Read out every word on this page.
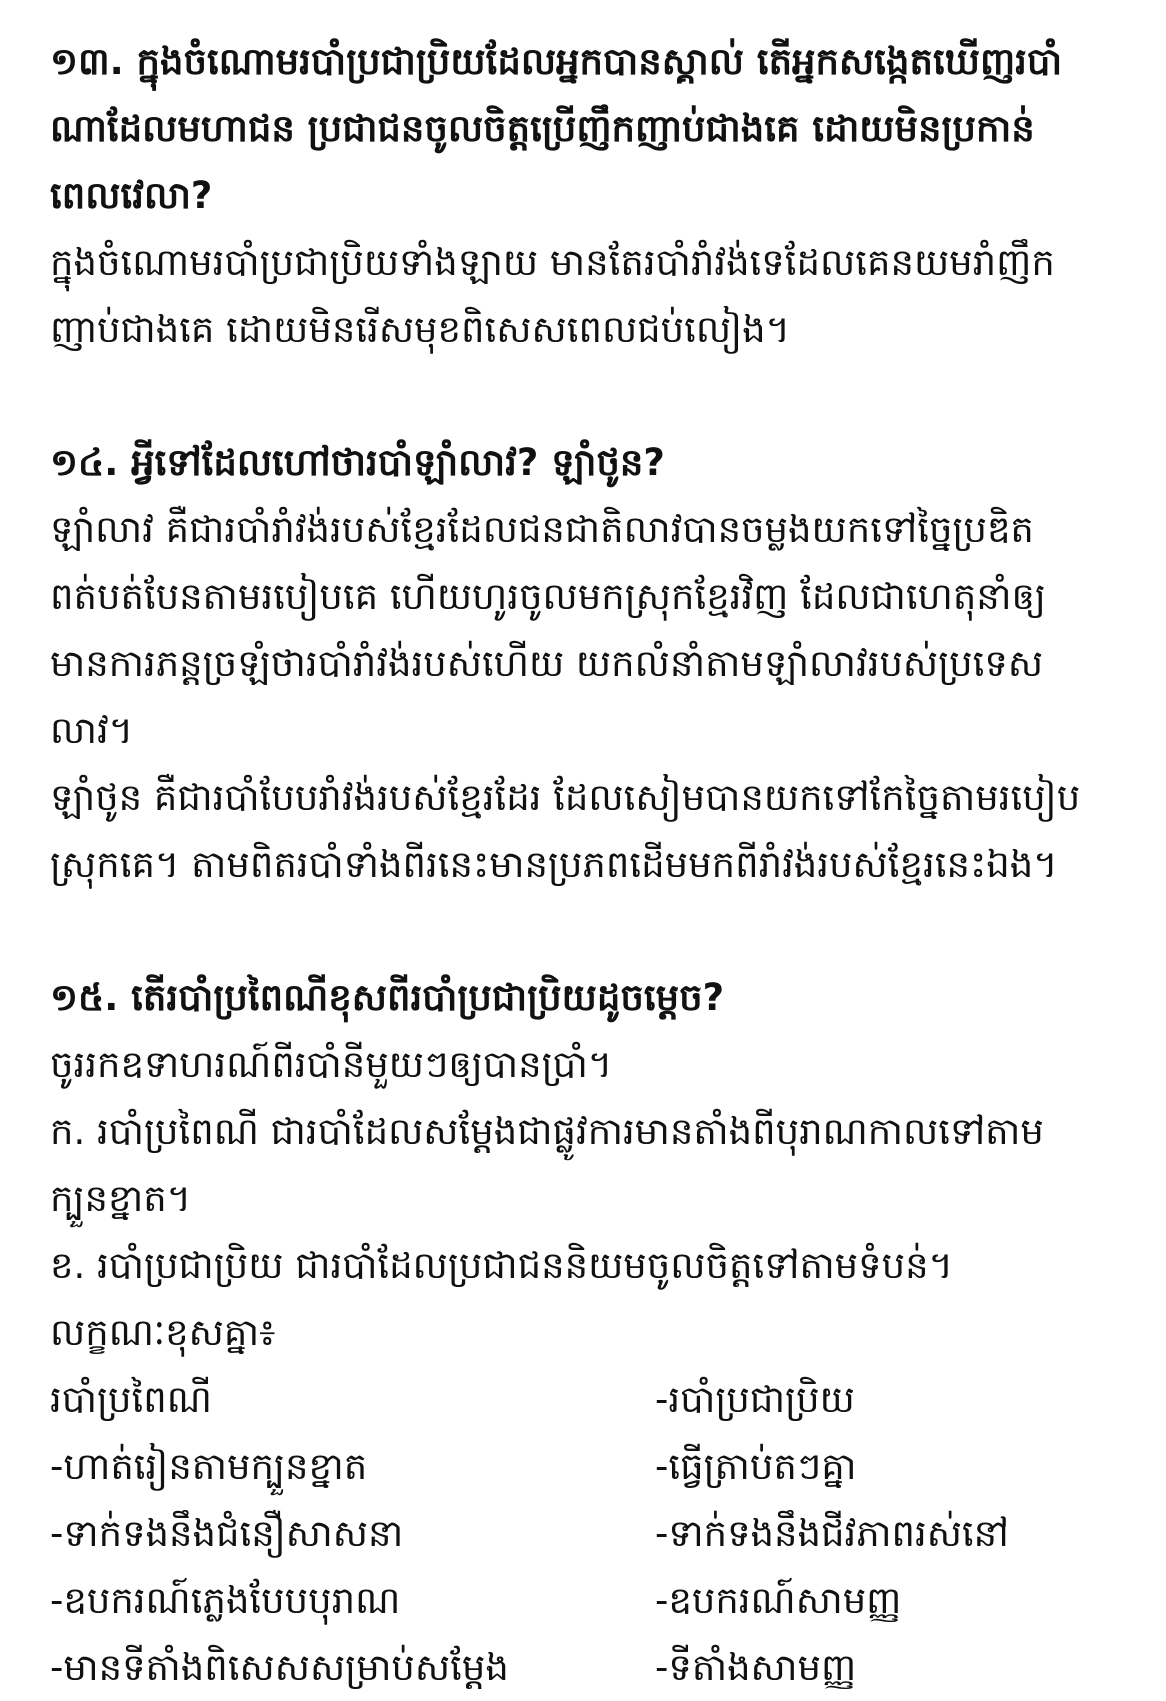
១៣. ក្នុងចំណោមរបាំប្រជាប្រិយដែលអ្នកបានស្គាល់ តើអ្នកសង្កេតឃើញរបាំ
ណាដែលមហាជន ប្រជាជនចូលចិត្តប្រើញឹកញាប់ជាងគេ ដោយមិនប្រកាន់
ពេលវេលា?
ក្នុងចំណោមរបាំប្រជាប្រិយទាំងឡាយ មានតែរបាំរាំវង់ទេដែលគេនយមរាំញឹក
ញាប់ជាងគេ ដោយមិនរើសមុខពិសេសពេលជប់លៀង។
១៤. អ្វីទៅដែលហៅថារបាំឡាំលាវ? ឡាំថូន?
ឡាំលាវ គឺជារបាំរាំវង់របស់ខ្មែរដែលជនជាតិលាវបានចម្លងយកទៅច្នៃប្រឌិត
ពត់បត់បែនតាមរបៀបគេ ហើយហូរចូលមកស្រុកខ្មែរវិញ ដែលជាហេតុនាំឲ្យ
មានការភន្តច្រឡំថារបាំរាំវង់របស់ហើយ យកលំនាំតាមឡាំលាវរបស់ប្រទេស
លាវ។
ឡាំថូន គឺជារបាំបែបរាំវង់របស់ខ្មែរដែរ ដែលសៀមបានយកទៅកែច្នៃតាមរបៀប
ស្រុកគេ។ តាមពិតរបាំទាំងពីរនេះមានប្រភពដើមមកពីរាំវង់របស់ខ្មែរនេះឯង។
១៥. តើរបាំប្រពៃណីខុសពីរបាំប្រជាប្រិយដូចម្ដេច?
ចូររកឧទាហរណ៍ពីរបាំនីមួយៗឲ្យបានប្រាំ។
ក. របាំប្រពៃណី ជារបាំដែលសម្ដែងជាផ្លូវការមានតាំងពីបុរាណកាលទៅតាម
ក្បួនខ្នាត។
ខ. របាំប្រជាប្រិយ ជារបាំដែលប្រជាជននិយមចូលចិត្តទៅតាមទំបន់។
លក្ខណៈខុសគ្នា៖
របាំប្រពៃណី	-របាំប្រជាប្រិយ
-ហាត់រៀនតាមក្បួនខ្នាត	-ធ្វើត្រាប់តៗគ្នា
-ទាក់ទងនឹងជំនឿសាសនា	-ទាក់ទងនឹងជីវភាពរស់នៅ
-ឧបករណ៍ភ្លេងបែបបុរាណ	-ឧបករណ៍សាមញ្ញ
-មានទីតាំងពិសេសសម្រាប់សម្ដែង	-ទីតាំងសាមញ្ញ
